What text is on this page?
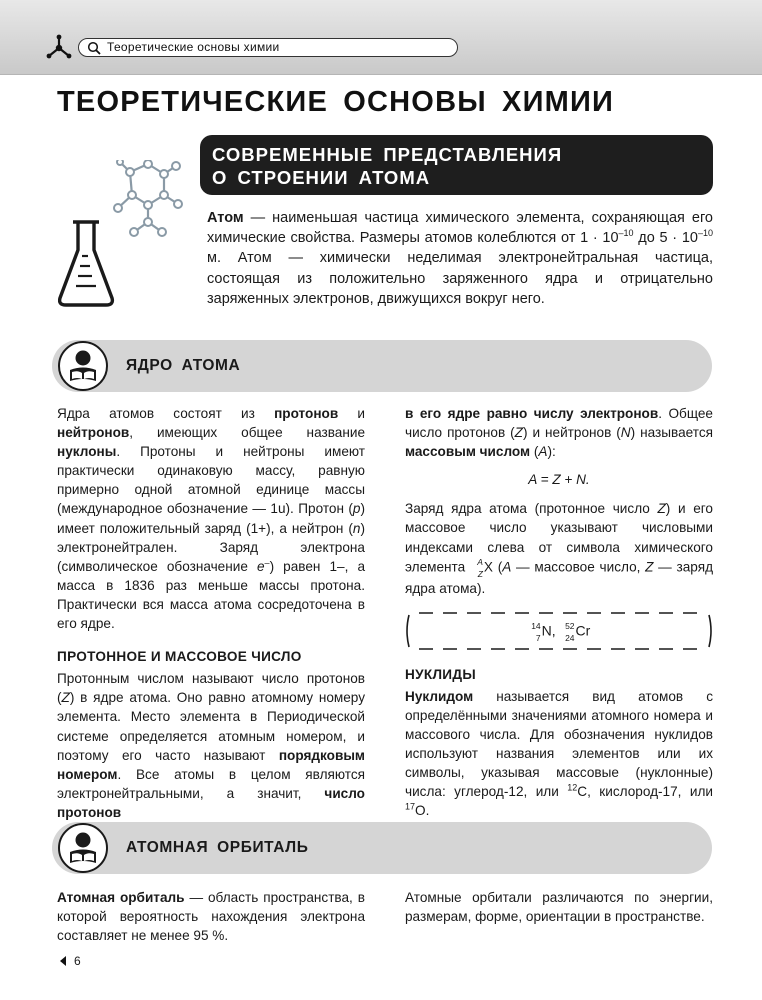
Теоретические основы химии
ТЕОРЕТИЧЕСКИЕ ОСНОВЫ ХИМИИ
СОВРЕМЕННЫЕ ПРЕДСТАВЛЕНИЯ
О СТРОЕНИИ АТОМА
Атом — наименьшая частица химического элемента, сохраняющая его химические свойства. Размеры атомов колеблются от $1 \cdot 10^{-10}$ до $5 \cdot 10^{-10}$ м. Атом — химически неделимая электронейтральная частица, состоящая из положительно заряженного ядра и отрицательно заряженных электронов, движущихся вокруг него.
ЯДРО АТОМА

Ядра атомов состоят из протонов и нейтронов, имеющих общее название нуклоны. Протоны и нейтроны имеют практически одинаковую массу, равную примерно одной атомной единице массы (международное обозначение — 1u). Протон (p) имеет положительный заряд (1+), а нейтрон (n) электронейтрален. Заряд электрона (символическое обозначение e–) равен 1–, а масса в 1836 раз меньше массы протона. Практически вся масса атома сосредоточена в его ядре.

ПРОТОННОЕ И МАССОВОЕ ЧИСЛО

Протонным числом называют число протонов (Z) в ядре атома. Оно равно атомному номеру элемента. Место элемента в Периодической системе определяется атомным номером, и поэтому его часто называют порядковым номером. Все атомы в целом являются электронейтральными, а значит, число протонов

в его ядре равно числу электронов. Общее число протонов (Z) и нейтронов (N) называется массовым числом (A):

A = Z + N.

Заряд ядра атома (протонное число Z) и его массовое число указывают числовыми индексами слева от символа химического элемента A
Z X (A — массовое число, Z — заряд ядра атома).

14
7 N, 52
24 Cr

НУКЛИДЫ

Нуклидом называется вид атомов с определёнными значениями атомного номера и массового числа. Для обозначения нуклидов используют названия элементов или их символы, указывая массовые (нуклонные) числа: углерод-12, или $^{12}$C, кислород-17, или $^{17}$O.

АТОМНАЯ ОРБИТАЛЬ

Атомная орбиталь — область пространства, в которой вероятность нахождения электрона составляет не менее 95 %.

Атомные орбитали различаются по энергии, размерам, форме, ориентации в пространстве.

6
